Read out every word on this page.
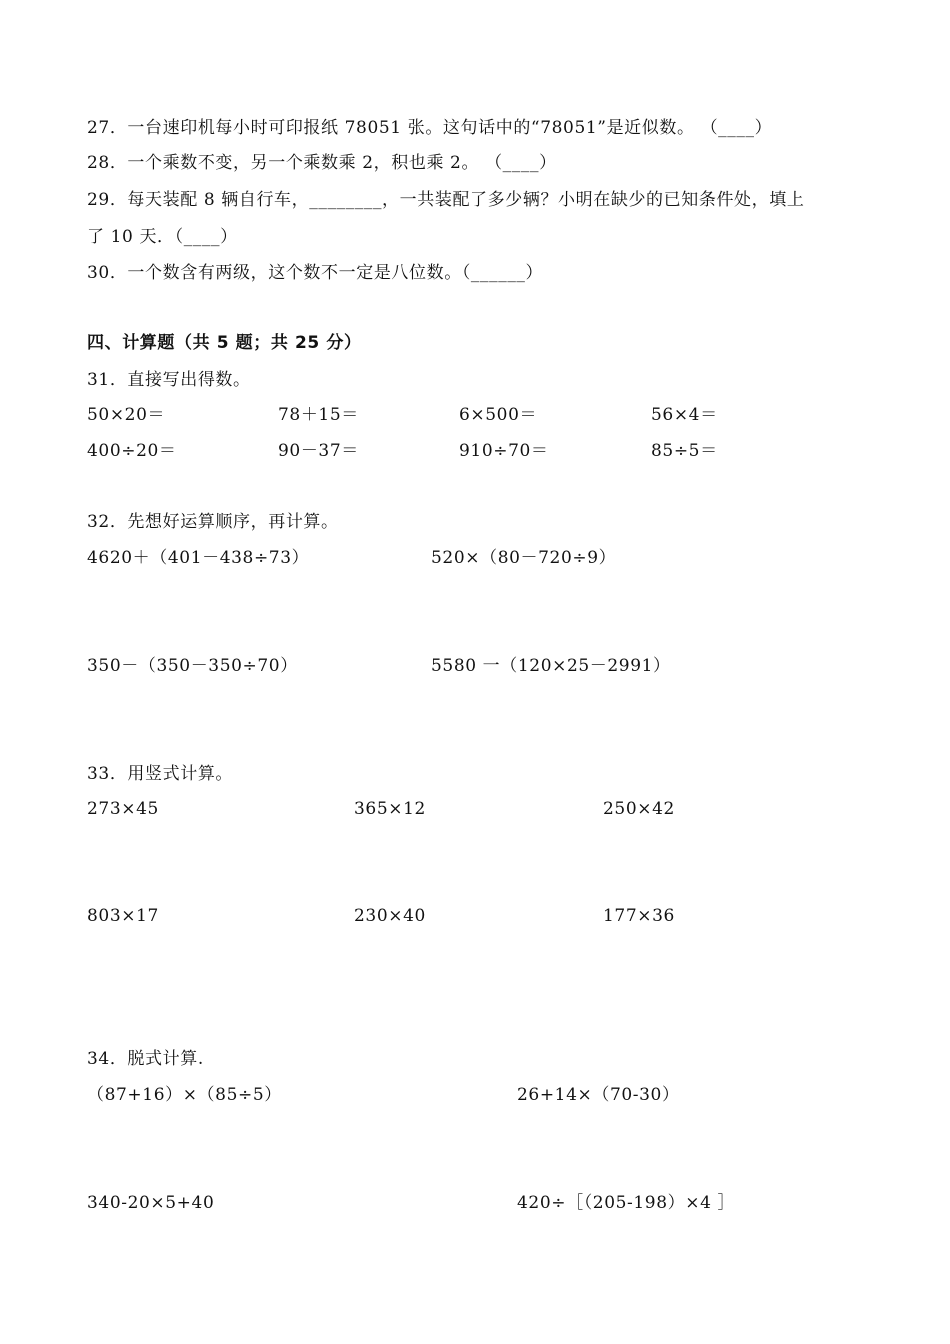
27．一台速印机每小时可印报纸 78051 张。这句话中的“78051”是近似数。 （____）
28．一个乘数不变，另一个乘数乘 2，积也乘 2。 （____）
29．每天装配 8 辆自行车，________，一共装配了多少辆？小明在缺少的已知条件处，填上
了 10 天．（____）
30．一个数含有两级，这个数不一定是八位数。（______）
四、计算题（共 5 题；共 25 分）
31．直接写出得数。
50×20＝	78＋15＝	6×500＝	56×4＝
400÷20＝	90－37＝	910÷70＝	85÷5＝
32．先想好运算顺序，再计算。
4620＋（401－438÷73）	520×（80－720÷9）
350－（350－350÷70）	5580 一（120×25－2991）
33．用竖式计算。
273×45	365×12	250×42
803×17	230×40	177×36
34．脱式计算.
（87+16）×（85÷5）	26+14×（70-30）
340-20×5+40	420÷［（205-198）×4 ］
